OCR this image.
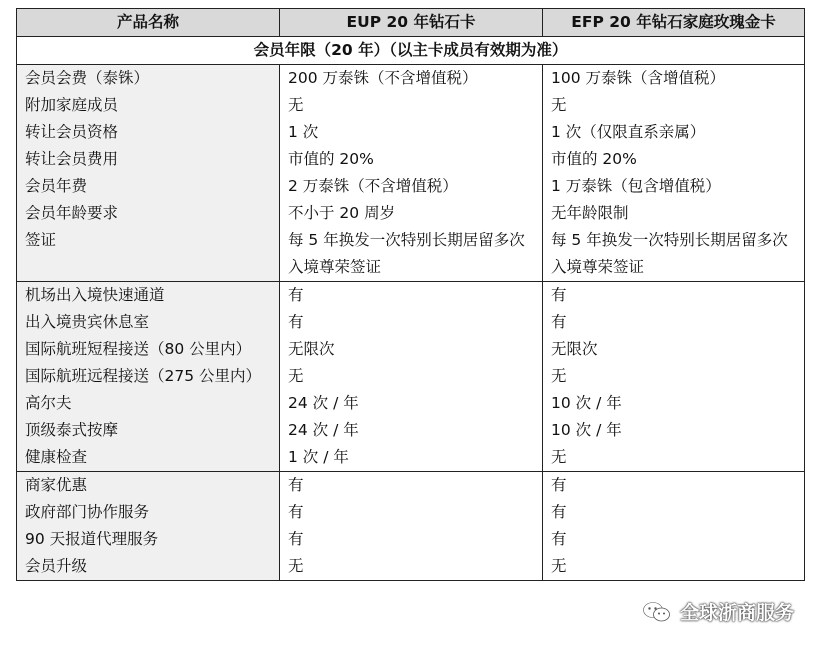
产品名称	EUP 20 年钻石卡	EFP 20 年钻石家庭玫瑰金卡
会员年限（20 年）（以主卡成员有效期为准）		
会员会费（泰铢）	200 万泰铢（不含增值税）	100 万泰铢（含增值税）
附加家庭成员	无	无
转让会员资格	1 次	1 次（仅限直系亲属）
转让会员费用	市值的 20%	市值的 20%
会员年费	2 万泰铢（不含增值税）	1 万泰铢（包含增值税）
会员年龄要求	不小于 20 周岁	无年龄限制
签证	每 5 年换发一次特别长期居留多次入境尊荣签证	每 5 年换发一次特别长期居留多次入境尊荣签证
机场出入境快速通道	有	有
出入境贵宾休息室	有	有
国际航班短程接送（80 公里内）	无限次	无限次
国际航班远程接送（275 公里内）	无	无
高尔夫	24 次 / 年	10 次 / 年
顶级泰式按摩	24 次 / 年	10 次 / 年
健康检查	1 次 / 年	无
商家优惠	有	有
政府部门协作服务	有	有
90 天报道代理服务	有	有
会员升级	无	无
全球浙商服务
